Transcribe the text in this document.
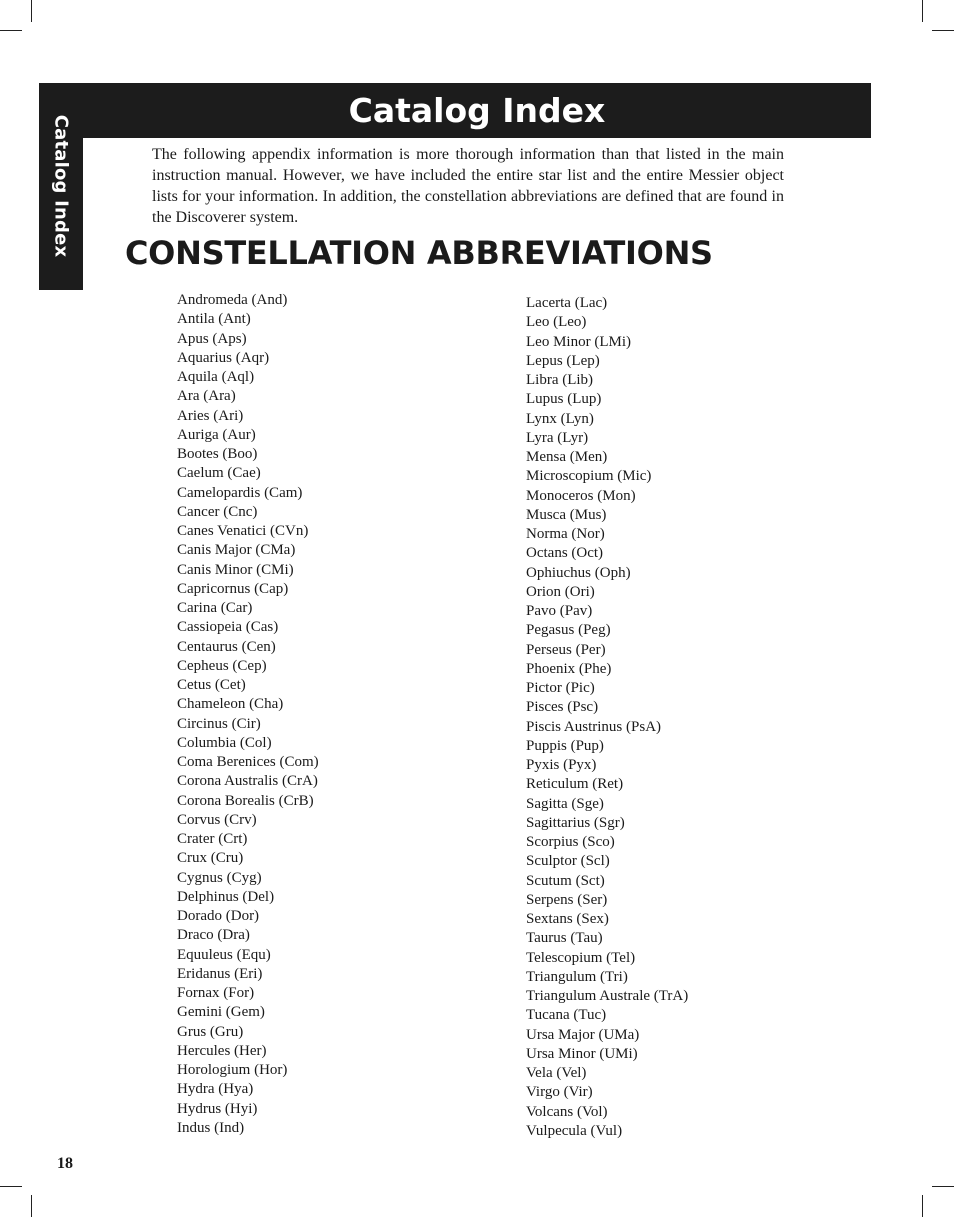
Catalog Index
Catalog Index

The following appendix information is more thorough information than that listed in the main instruction manual. However, we have included the entire star list and the entire Messier object lists for your information. In addition, the constellation abbreviations are defined that are found in the Discoverer system.

CONSTELLATION ABBREVIATIONS
Andromeda (And)
Antila (Ant)
Apus (Aps)
Aquarius (Aqr)
Aquila (Aql)
Ara (Ara)
Aries (Ari)
Auriga (Aur)
Bootes (Boo)
Caelum (Cae)
Camelopardis (Cam)
Cancer (Cnc)
Canes Venatici (CVn)
Canis Major (CMa)
Canis Minor (CMi)
Capricornus (Cap)
Carina (Car)
Cassiopeia (Cas)
Centaurus (Cen)
Cepheus (Cep)
Cetus (Cet)
Chameleon (Cha)
Circinus (Cir)
Columbia (Col)
Coma Berenices (Com)
Corona Australis (CrA)
Corona Borealis (CrB)
Corvus (Crv)
Crater (Crt)
Crux (Cru)
Cygnus (Cyg)
Delphinus (Del)
Dorado (Dor)
Draco (Dra)
Equuleus (Equ)
Eridanus (Eri)
Fornax (For)
Gemini (Gem)
Grus (Gru)
Hercules (Her)
Horologium (Hor)
Hydra (Hya)
Hydrus (Hyi)
Indus (Ind)
Lacerta (Lac)
Leo (Leo)
Leo Minor (LMi)
Lepus (Lep)
Libra (Lib)
Lupus (Lup)
Lynx (Lyn)
Lyra (Lyr)
Mensa (Men)
Microscopium (Mic)
Monoceros (Mon)
Musca (Mus)
Norma (Nor)
Octans (Oct)
Ophiuchus (Oph)
Orion (Ori)
Pavo (Pav)
Pegasus (Peg)
Perseus (Per)
Phoenix (Phe)
Pictor (Pic)
Pisces (Psc)
Piscis Austrinus (PsA)
Puppis (Pup)
Pyxis (Pyx)
Reticulum (Ret)
Sagitta (Sge)
Sagittarius (Sgr)
Scorpius (Sco)
Sculptor (Scl)
Scutum (Sct)
Serpens (Ser)
Sextans (Sex)
Taurus (Tau)
Telescopium (Tel)
Triangulum (Tri)
Triangulum Australe (TrA)
Tucana (Tuc)
Ursa Major (UMa)
Ursa Minor (UMi)
Vela (Vel)
Virgo (Vir)
Volcans (Vol)
Vulpecula (Vul)

18
